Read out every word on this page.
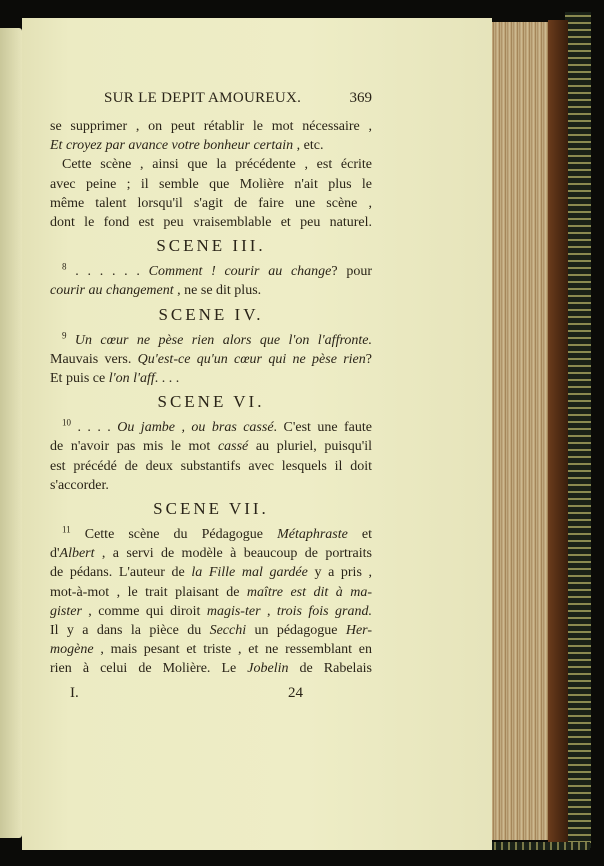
SUR LE DEPIT AMOUREUX.	369
se supprimer , on peut rétablir le mot nécessaire ,
Et croyez par avance votre bonheur certain , etc.
Cette scène , ainsi que la précédente , est écrite
avec peine ; il semble que Molière n'ait plus le
même talent lorsqu'il s'agit de faire une scène ,
dont le fond est peu vraisemblable et peu naturel.
SCENE III.
$^8$ . . . . . . Comment ! courir au change? pour
courir au changement , ne se dit plus.
SCENE IV.
$^9$ Un cœur ne pèse rien alors que l'on l'affronte.
Mauvais vers. Qu'est-ce qu'un cœur qui ne pèse rien?
Et puis ce l'on l'aff. . . .
SCENE VI.
$^{10}$ . . . . Ou jambe , ou bras cassé. C'est une faute
de n'avoir pas mis le mot cassé au pluriel, puisqu'il
est précédé de deux substantifs avec lesquels il doit
s'accorder.
SCENE VII.
$^{11}$ Cette scène du Pédagogue Métaphraste et
d'Albert , a servi de modèle à beaucoup de portraits
de pédans. L'auteur de la Fille mal gardée y a pris ,
mot-à-mot , le trait plaisant de maître est dit à ma-
gister , comme qui diroit magis-ter , trois fois grand.
Il y a dans la pièce du Secchi un pédagogue Her-
mogène , mais pesant et triste , et ne ressemblant en
rien à celui de Molière. Le Jobelin de Rabelais
I.	24
